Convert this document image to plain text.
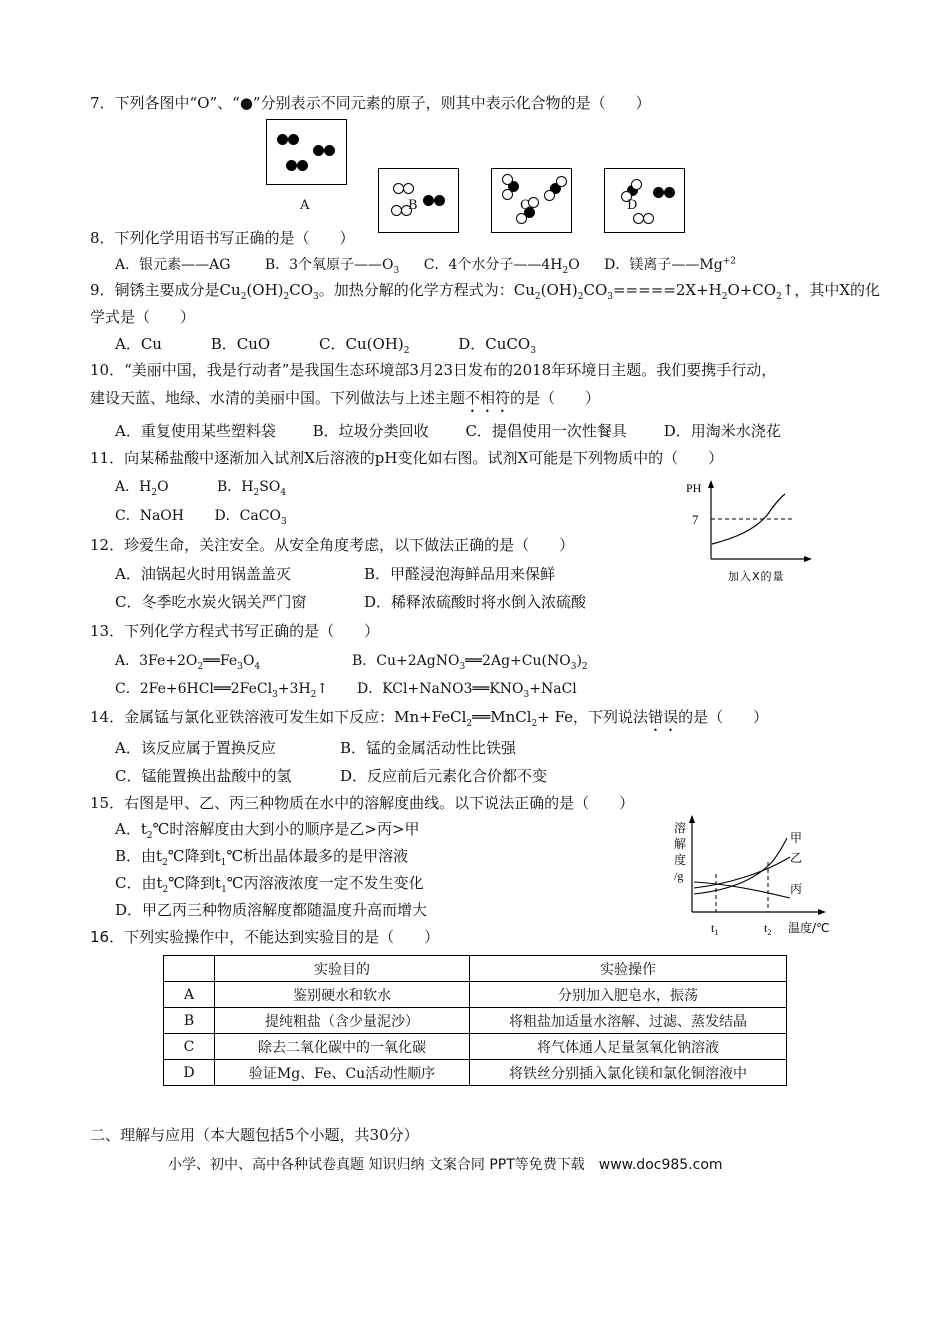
7．下列各图中“O”、“●”分别表示不同元素的原子，则其中表示化合物的是（　　）
A	B	C	D
8．下列化学用语书写正确的是（　　）
A．银元素——AG B．3个氧原子$——O_3$ C．4个水分子$——4H_2O$ D．镁离子$——Mg^{+2}$
9．铜锈主要成分是$Cu_2(OH)_2CO_3$。加热分解的化学方程式为：$Cu_2(OH)_2CO_3=====2X+H_2O+CO_2↑$，其中X的化
学式是（　　）
A．Cu	B．CuO	C．$Cu(OH)_2$	D．CuCO$_3$
10．“美丽中国，我是行动者”是我国生态环境部3月23日发布的2018年环境日主题。我们要携手行动，
建设天蓝、地绿、水清的美丽中国。下列做法与上述主题不相符的是（　　）
A．重复使用某些塑料袋 B．垃圾分类回收 C．提倡使用一次性餐具 D．用淘米水浇花
11．向某稀盐酸中逐渐加入试剂X后溶液的pH变化如右图。试剂X可能是下列物质中的（　　）
A．$H_2O$	B．$H_2SO_4$
C．NaOH D．CaCO$_3$
PH
7
加入X的量
12．珍爱生命，关注安全。从安全角度考虑，以下做法正确的是（　　）
A．油锅起火时用锅盖盖灭	B．甲醛浸泡海鲜品用来保鲜
C．冬季吃水炭火锅关严门窗	D．稀释浓硫酸时将水倒入浓硫酸
13．下列化学方程式书写正确的是（　　）
A．$3Fe+2O_2══Fe_3O_4$	B．$Cu+2AgNO_3══2Ag+Cu(NO_3)_2$
C．$2Fe+6HCl══2FeCl_3+3H_2↑$ D．$KCl+NaNO3══KNO_3+NaCl$
14．金属锰与氯化亚铁溶液可发生如下反应：Mn+FeCl$_2$══MnCl$_2$+ Fe，下列说法错误的是（　　）
A．该反应属于置换反应	B．锰的金属活动性比铁强
C．锰能置换出盐酸中的氢	D．反应前后元素化合价都不变
15．右图是甲、乙、丙三种物质在水中的溶解度曲线。以下说法正确的是（　　）
A．$t_2℃$时溶解度由大到小的顺序是乙>丙>甲
B．由$t_2℃$降到$t_1℃$析出晶体最多的是甲溶液
C．由$t_2℃$降到$t_1℃$丙溶液浓度一定不发生变化
D．甲乙丙三种物质溶解度都随温度升高而增大
溶
解
度
/g
甲
乙
丙
$t_1$	$t_2$ 温度/℃
16．下列实验操作中，不能达到实验目的是（　　）
	实验目的	实验操作
A	鉴别硬水和软水	分别加入肥皂水，振荡
B	提纯粗盐（含少量泥沙）	将粗盐加适量水溶解、过滤、蒸发结晶
C	除去二氧化碳中的一氧化碳	将气体通人足量氢氧化钠溶液
D	验证Mg、Fe、Cu活动性顺序	将铁丝分别插入氯化镁和氯化铜溶液中
二、理解与应用（本大题包括5个小题，共30分）
小学、初中、高中各种试卷真题 知识归纳 文案合同 PPT等免费下载　www.doc985.com
